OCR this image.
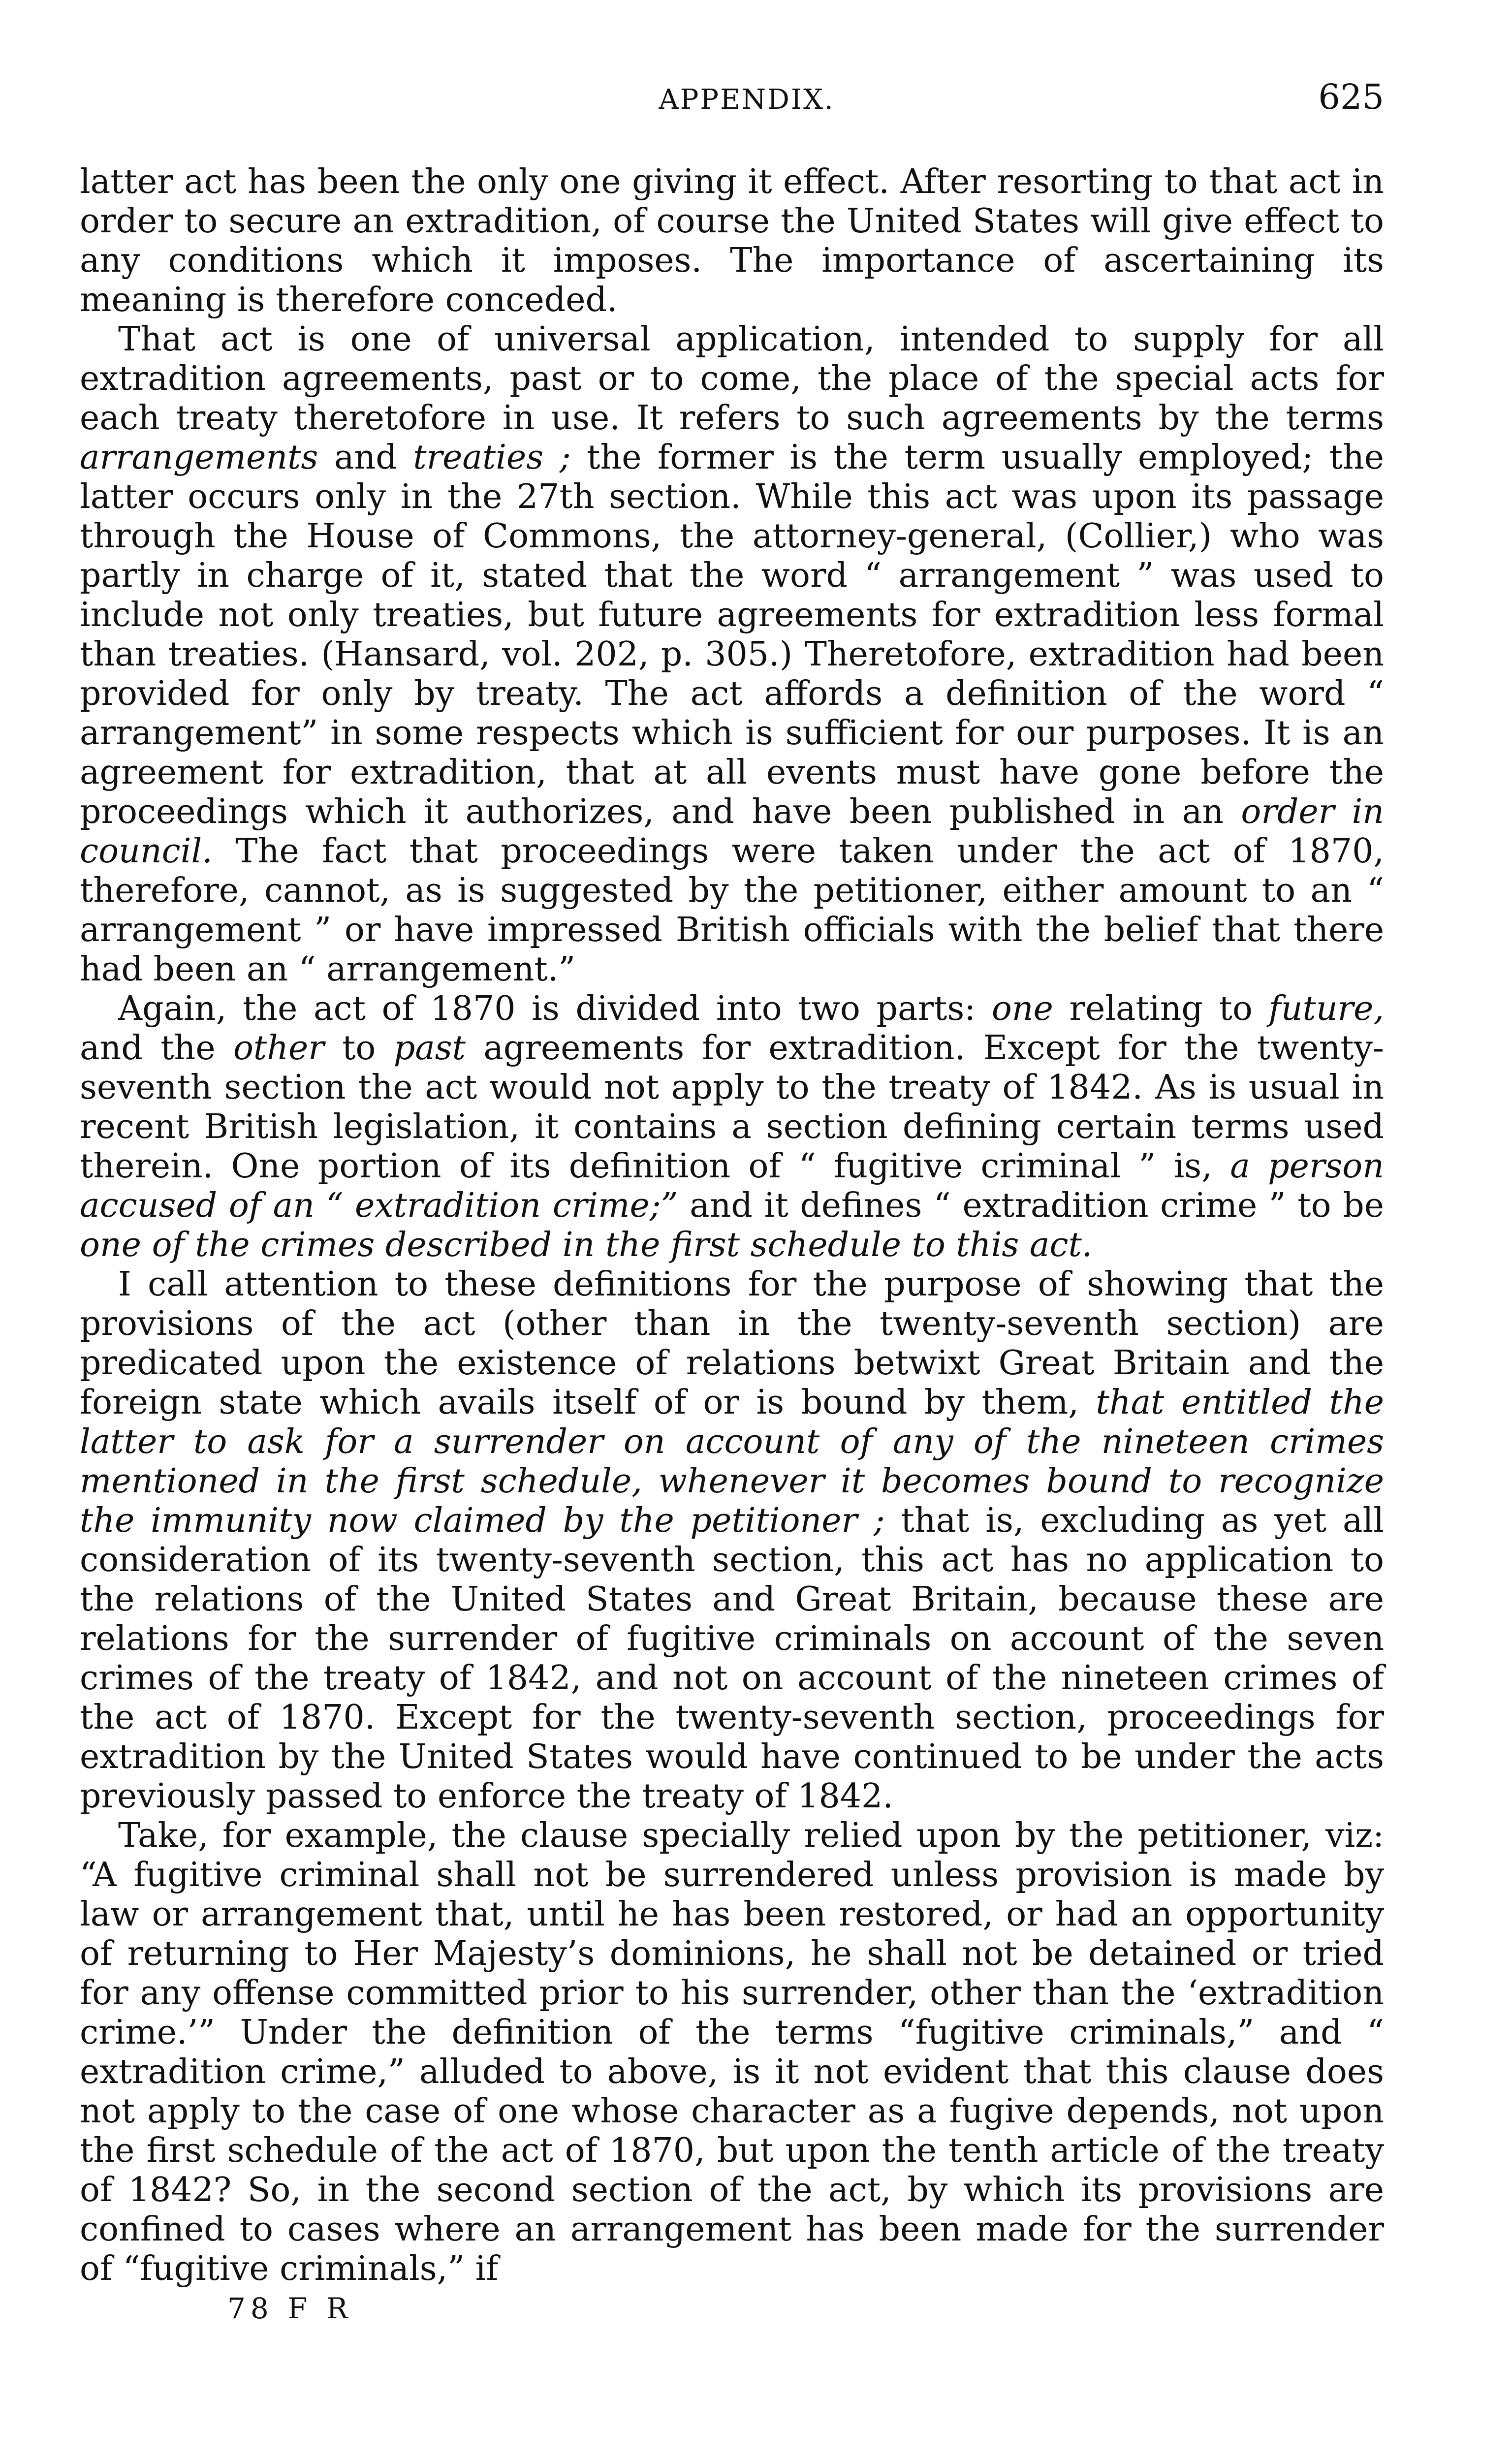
APPENDIX.	625

latter act has been the only one giving it effect. After resorting to that act in order to secure an extradition, of course the United States will give effect to any conditions which it imposes. The importance of ascertaining its meaning is therefore conceded.

That act is one of universal application, intended to supply for all extradition agreements, past or to come, the place of the special acts for each treaty theretofore in use. It refers to such agreements by the terms arrangements and treaties ; the former is the term usually employed; the latter occurs only in the 27th section. While this act was upon its passage through the House of Commons, the attorney-general, (Collier,) who was partly in charge of it, stated that the word “ arrangement ” was used to include not only treaties, but future agreements for extradition less formal than treaties. (Hansard, vol. 202, p. 305.) Theretofore, extradition had been provided for only by treaty. The act affords a definition of the word “ arrangement” in some respects which is sufficient for our purposes. It is an agreement for extradition, that at all events must have gone before the proceedings which it authorizes, and have been published in an order in council. The fact that proceedings were taken under the act of 1870, therefore, cannot, as is suggested by the petitioner, either amount to an “ arrangement ” or have impressed British officials with the belief that there had been an “ arrangement.”

Again, the act of 1870 is divided into two parts: one relating to future, and the other to past agreements for extradition. Except for the twenty-seventh section the act would not apply to the treaty of 1842. As is usual in recent British legislation, it contains a section defining certain terms used therein. One portion of its definition of “ fugitive criminal ” is, a person accused of an “ extradition crime;” and it defines “ extradition crime ” to be one of the crimes described in the first schedule to this act.

I call attention to these definitions for the purpose of showing that the provisions of the act (other than in the twenty-seventh section) are predicated upon the existence of relations betwixt Great Britain and the foreign state which avails itself of or is bound by them, that entitled the latter to ask for a surrender on account of any of the nineteen crimes mentioned in the first schedule, whenever it becomes bound to recognize the immunity now claimed by the petitioner ; that is, excluding as yet all consideration of its twenty-seventh section, this act has no application to the relations of the United States and Great Britain, because these are relations for the surrender of fugitive criminals on account of the seven crimes of the treaty of 1842, and not on account of the nineteen crimes of the act of 1870. Except for the twenty-seventh section, proceedings for extradition by the United States would have continued to be under the acts previously passed to enforce the treaty of 1842.

Take, for example, the clause specially relied upon by the petitioner, viz: “A fugitive criminal shall not be surrendered unless provision is made by law or arrangement that, until he has been restored, or had an opportunity of returning to Her Majesty’s dominions, he shall not be detained or tried for any offense committed prior to his surrender, other than the ‘extradition crime.’” Under the definition of the terms “fugitive criminals,” and “ extradition crime,” alluded to above, is it not evident that this clause does not apply to the case of one whose character as a fugive depends, not upon the first schedule of the act of 1870, but upon the tenth article of the treaty of 1842? So, in the second section of the act, by which its provisions are confined to cases where an arrangement has been made for the surrender of “fugitive criminals,” if

78 F R
